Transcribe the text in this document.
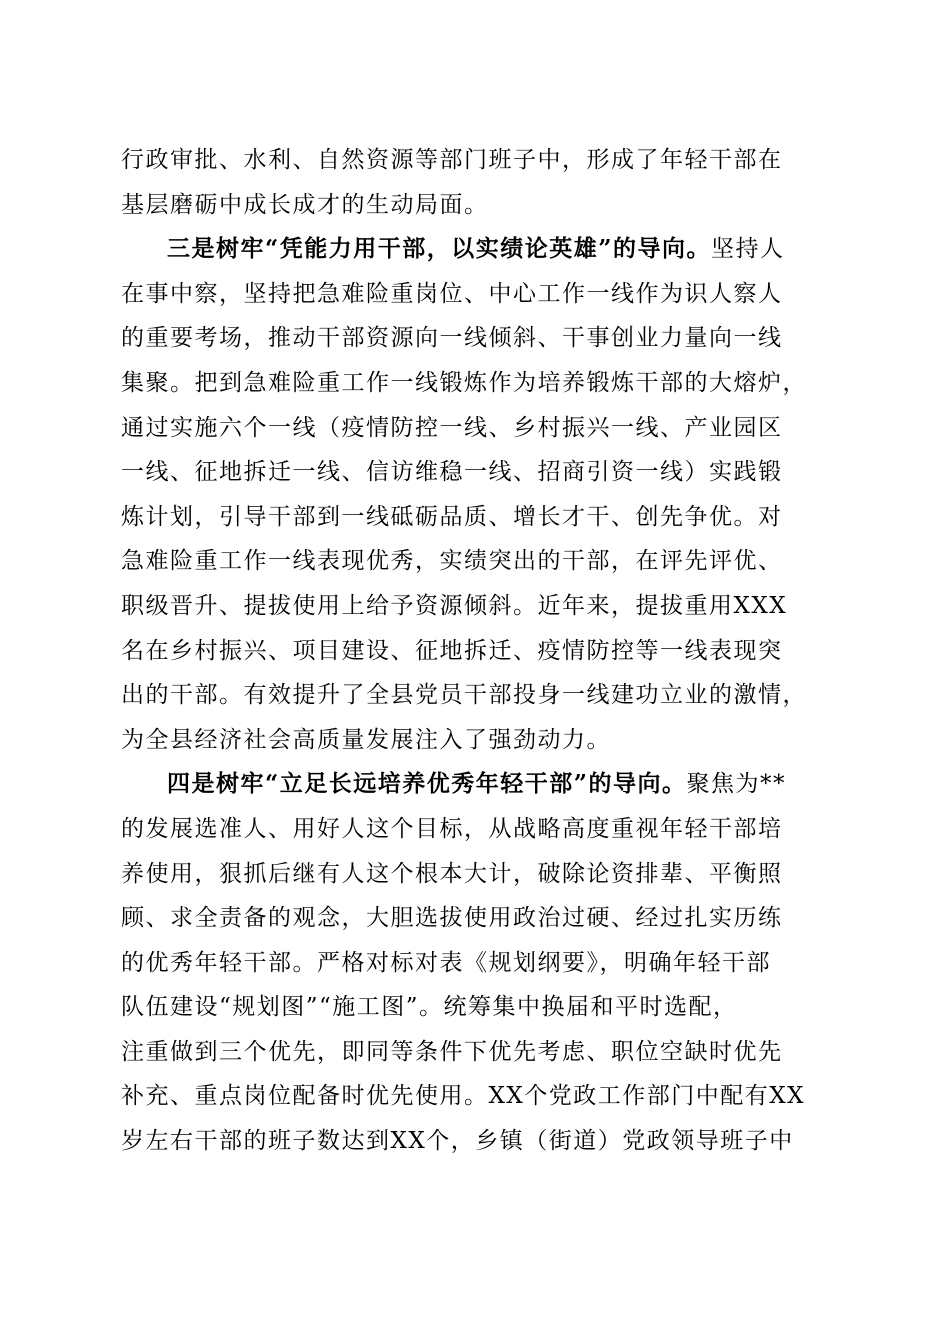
行政审批、水利、自然资源等部门班子中，形成了年轻干部在
基层磨砺中成长成才的生动局面。
三是树牢“凭能力用干部，以实绩论英雄”的导向。坚持人
在事中察，坚持把急难险重岗位、中心工作一线作为识人察人
的重要考场，推动干部资源向一线倾斜、干事创业力量向一线
集聚。把到急难险重工作一线锻炼作为培养锻炼干部的大熔炉，
通过实施六个一线（疫情防控一线、乡村振兴一线、产业园区
一线、征地拆迁一线、信访维稳一线、招商引资一线）实践锻
炼计划，引导干部到一线砥砺品质、增长才干、创先争优。对
急难险重工作一线表现优秀，实绩突出的干部，在评先评优、
职级晋升、提拔使用上给予资源倾斜。近年来，提拔重用XXX
名在乡村振兴、项目建设、征地拆迁、疫情防控等一线表现突
出的干部。有效提升了全县党员干部投身一线建功立业的激情，
为全县经济社会高质量发展注入了强劲动力。
四是树牢“立足长远培养优秀年轻干部”的导向。聚焦为**
的发展选准人、用好人这个目标，从战略高度重视年轻干部培
养使用，狠抓后继有人这个根本大计，破除论资排辈、平衡照
顾、求全责备的观念，大胆选拔使用政治过硬、经过扎实历练
的优秀年轻干部。严格对标对表《规划纲要》，明确年轻干部
队伍建设“规划图”“施工图”。统筹集中换届和平时选配，
注重做到三个优先，即同等条件下优先考虑、职位空缺时优先
补充、重点岗位配备时优先使用。XX个党政工作部门中配有XX
岁左右干部的班子数达到XX个，乡镇（街道）党政领导班子中
